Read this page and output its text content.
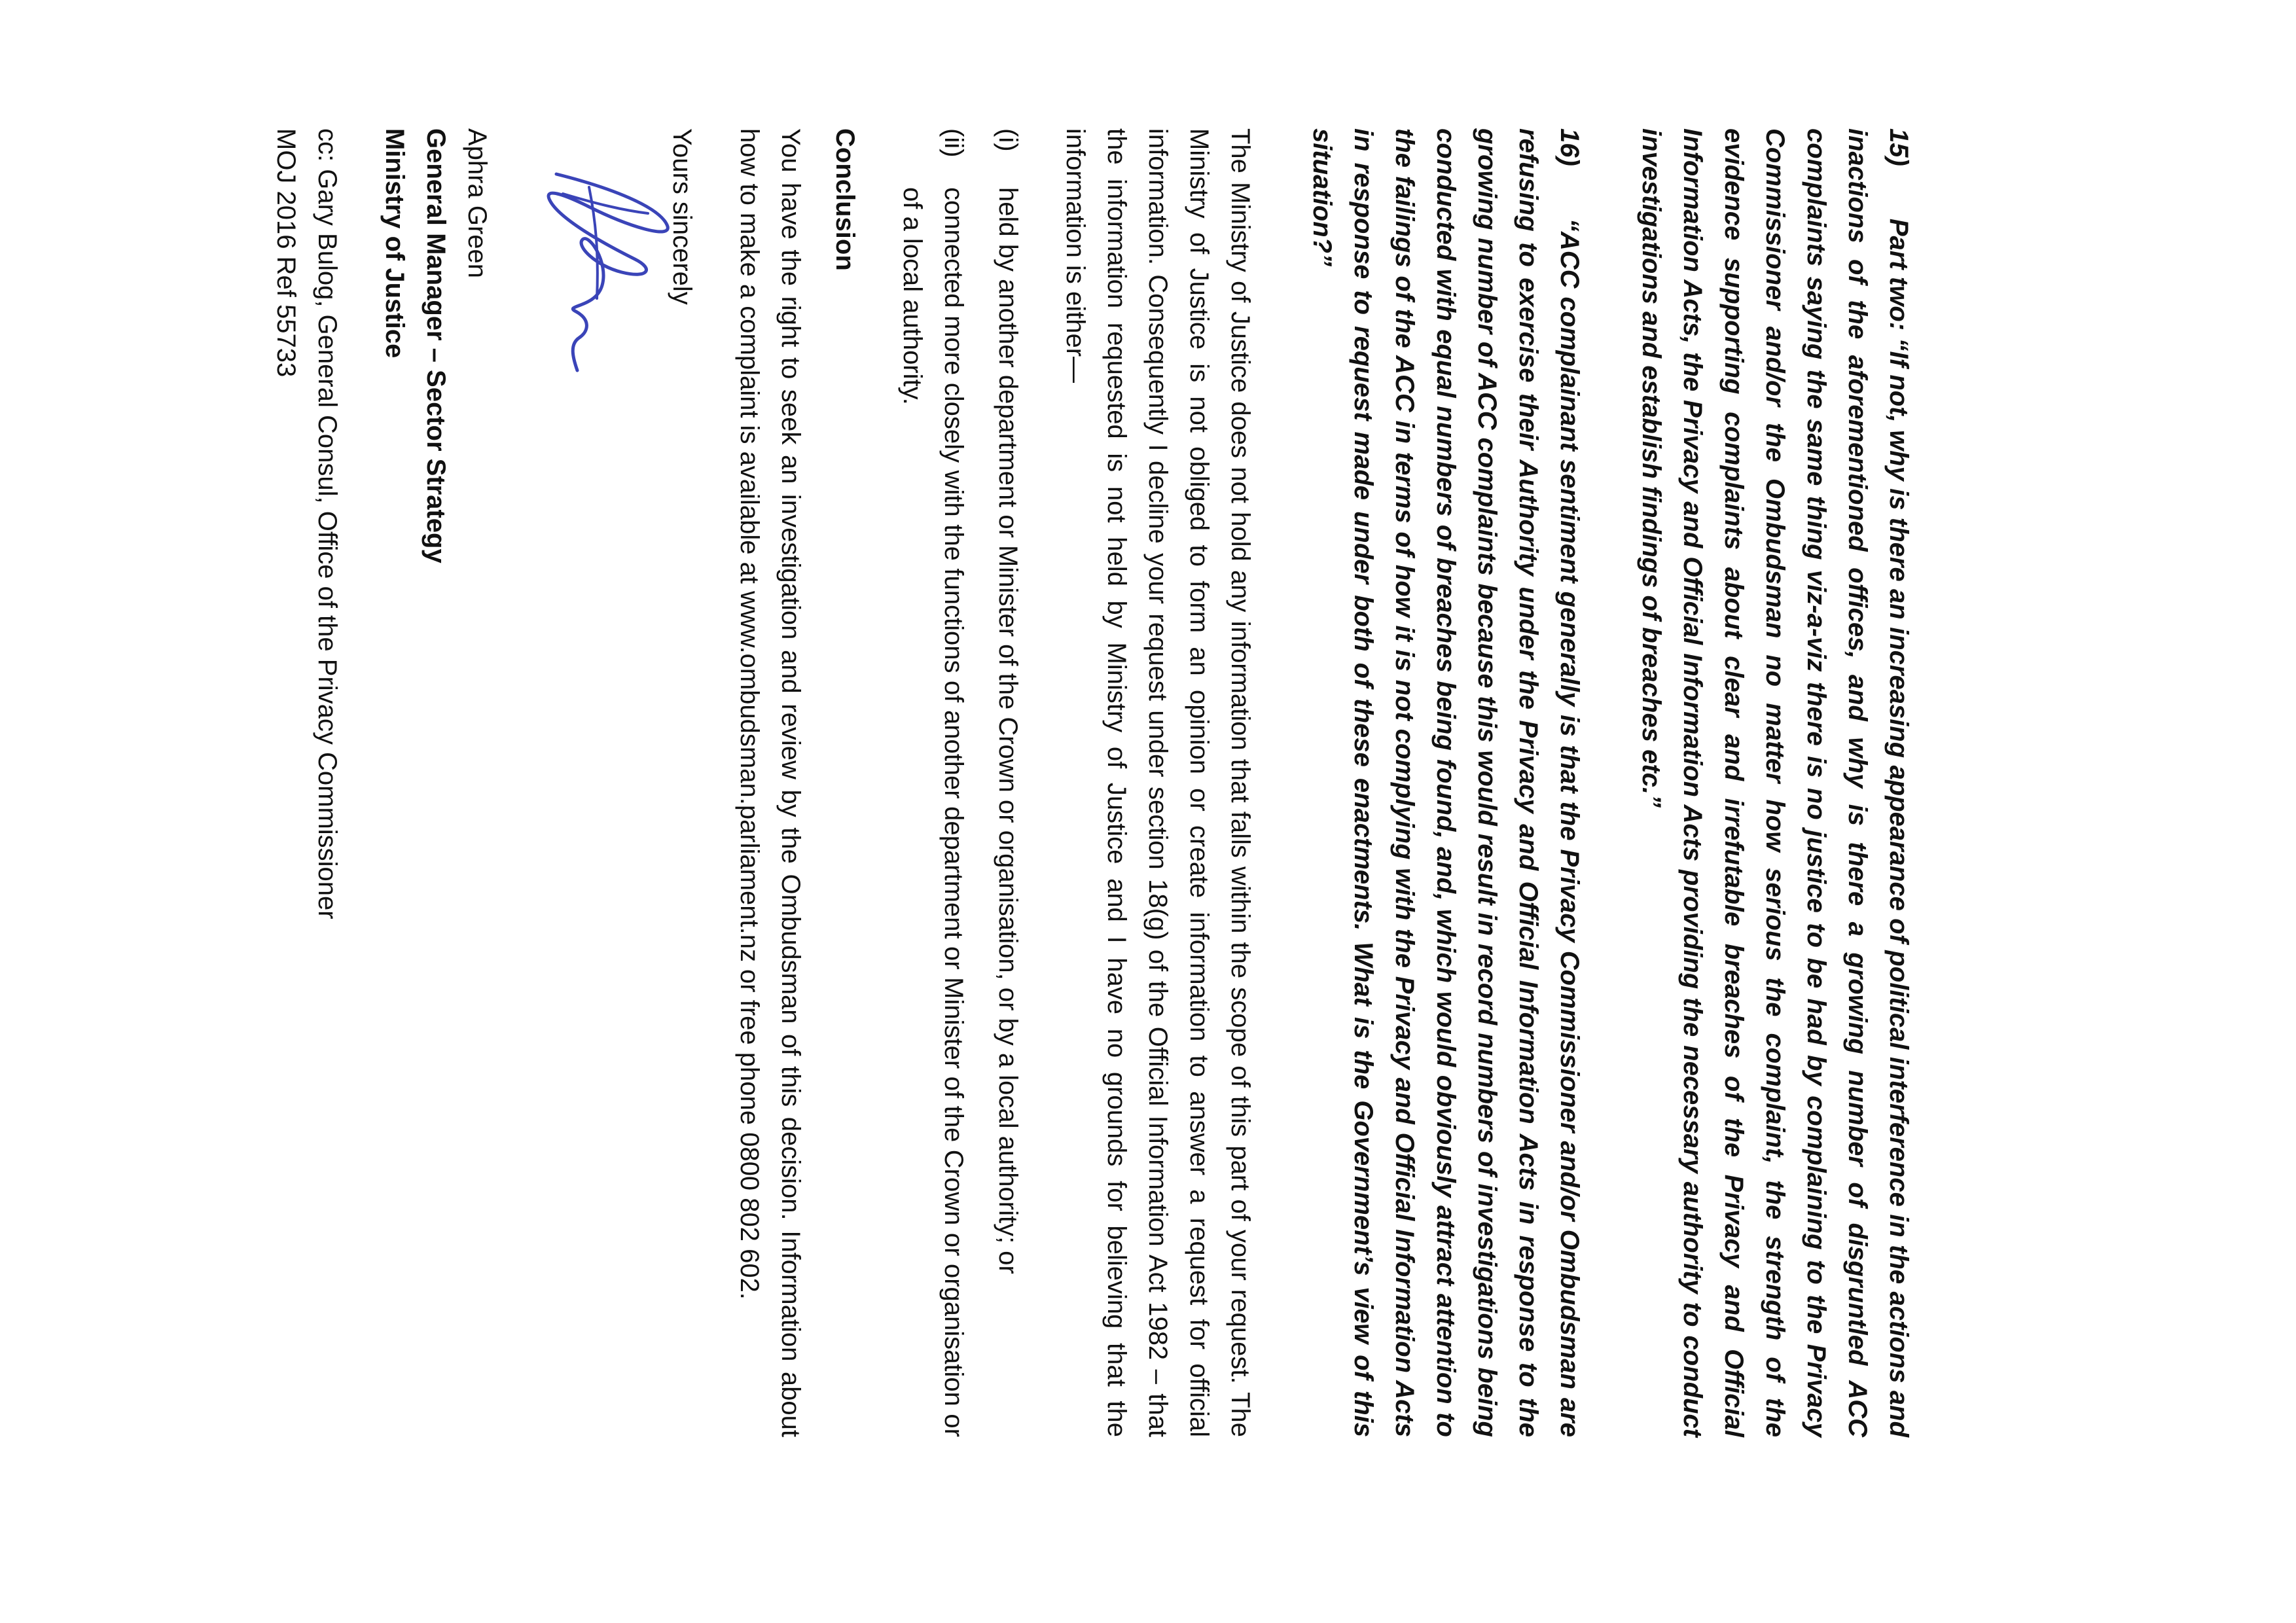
15)Part two: “If not, why is there an increasing appearance of political interference in the actions and inactions of the aforementioned offices, and why is there a growing number of disgruntled ACC complaints saying the same thing viz-a-viz there is no justice to be had by complaining to the Privacy Commissioner and/or the Ombudsman no matter how serious the complaint, the strength of the evidence supporting complaints about clear and irrefutable breaches of the Privacy and Official Information Acts, the Privacy and Official Information Acts providing the necessary authority to conduct investigations and establish findings of breaches etc.”

16)“ACC complainant sentiment generally is that the Privacy Commissioner and/or Ombudsman are refusing to exercise their Authority under the Privacy and Official Information Acts in response to the growing number of ACC complaints because this would result in record numbers of investigations being conducted with equal numbers of breaches being found, and, which would obviously attract attention to the failings of the ACC in terms of how it is not complying with the Privacy and Official Information Acts in response to request made under both of these enactments. What is the Government’s view of this situation?”

The Ministry of Justice does not hold any information that falls within the scope of this part of your request. The Ministry of Justice is not obliged to form an opinion or create information to answer a request for official information. Consequently I decline your request under section 18(g) of the Official Information Act 1982 – that the information requested is not held by Ministry of Justice and I have no grounds for believing that the information is either—

(i)held by another department or Minister of the Crown or organisation, or by a local authority; or

(ii)connected more closely with the functions of another department or Minister of the Crown or organisation or of a local authority.

Conclusion

You have the right to seek an investigation and review by the Ombudsman of this decision. Information about how to make a complaint is available at www.ombudsman.parliament.nz or free phone 0800 802 602.

Yours sincerely

Aphra Green

General Manager – Sector Strategy

Ministry of Justice

cc: Gary Bulog, General Consul, Office of the Privacy Commissioner

MOJ 2016 Ref 55733
